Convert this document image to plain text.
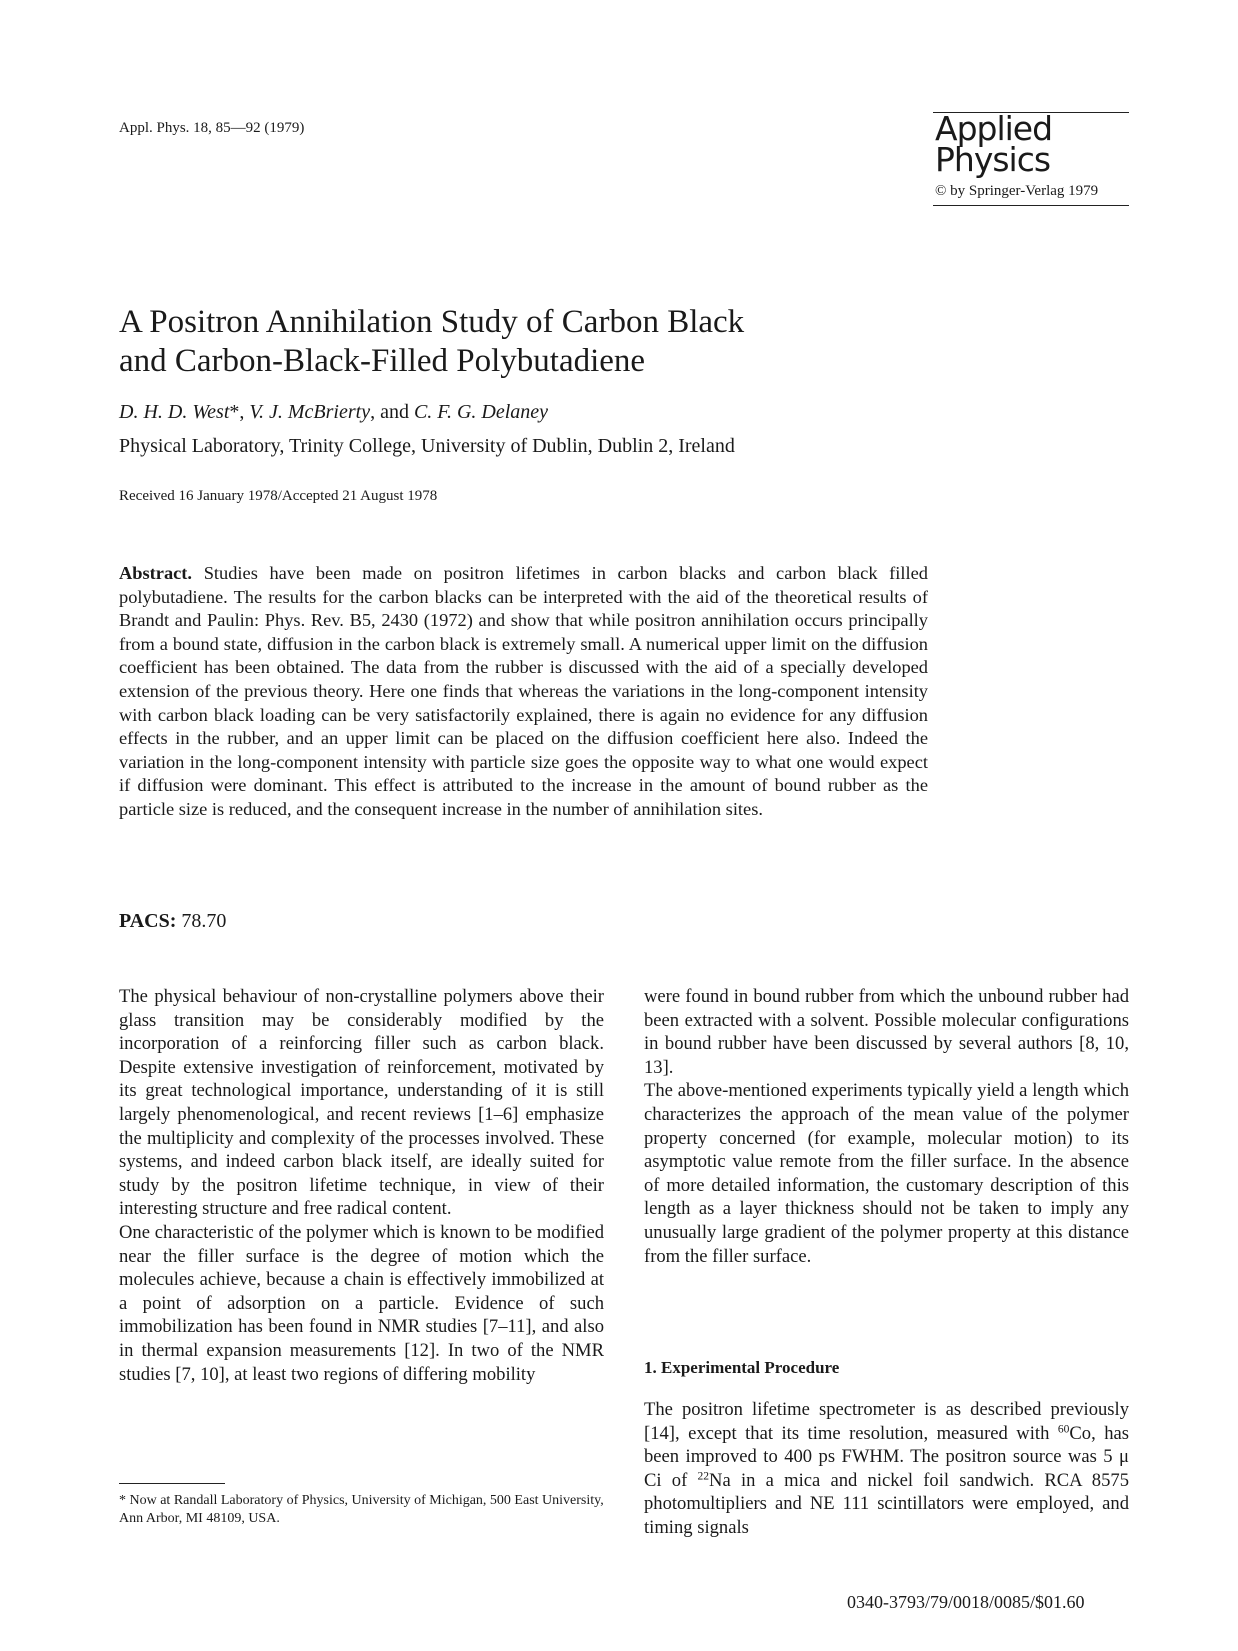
Appl. Phys. 18, 85—92 (1979)	Applied
Physics
© by Springer-Verlag 1979
A Positron Annihilation Study of Carbon Black
and Carbon-Black-Filled Polybutadiene
D. H. D. West*, V. J. McBrierty, and C. F. G. Delaney
Physical Laboratory, Trinity College, University of Dublin, Dublin 2, Ireland
Received 16 January 1978/Accepted 21 August 1978
Abstract. Studies have been made on positron lifetimes in carbon blacks and carbon black filled polybutadiene. The results for the carbon blacks can be interpreted with the aid of the theoretical results of Brandt and Paulin: Phys. Rev. B5, 2430 (1972) and show that while positron annihilation occurs principally from a bound state, diffusion in the carbon black is extremely small. A numerical upper limit on the diffusion coefficient has been obtained. The data from the rubber is discussed with the aid of a specially developed extension of the previous theory. Here one finds that whereas the variations in the long-component intensity with carbon black loading can be very satisfactorily explained, there is again no evidence for any diffusion effects in the rubber, and an upper limit can be placed on the diffusion coefficient here also. Indeed the variation in the long-component intensity with particle size goes the opposite way to what one would expect if diffusion were dominant. This effect is attributed to the increase in the amount of bound rubber as the particle size is reduced, and the consequent increase in the number of annihilation sites.
PACS: 78.70

The physical behaviour of non-crystalline polymers above their glass transition may be considerably modified by the incorporation of a reinforcing filler such as carbon black. Despite extensive investigation of reinforcement, motivated by its great technological importance, understanding of it is still largely phenomenological, and recent reviews [1–6] emphasize the multiplicity and complexity of the processes involved. These systems, and indeed carbon black itself, are ideally suited for study by the positron lifetime technique, in view of their interesting structure and free radical content.

One characteristic of the polymer which is known to be modified near the filler surface is the degree of motion which the molecules achieve, because a chain is effectively immobilized at a point of adsorption on a particle. Evidence of such immobilization has been found in NMR studies [7–11], and also in thermal expansion measurements [12]. In two of the NMR studies [7, 10], at least two regions of differing mobility

* Now at Randall Laboratory of Physics, University of Michigan, 500 East University, Ann Arbor, MI 48109, USA.

were found in bound rubber from which the unbound rubber had been extracted with a solvent. Possible molecular configurations in bound rubber have been discussed by several authors [8, 10, 13].

The above-mentioned experiments typically yield a length which characterizes the approach of the mean value of the polymer property concerned (for example, molecular motion) to its asymptotic value remote from the filler surface. In the absence of more detailed information, the customary description of this length as a layer thickness should not be taken to imply any unusually large gradient of the polymer property at this distance from the filler surface.

1. Experimental Procedure
The positron lifetime spectrometer is as described previously [14], except that its time resolution, measured with $^{60}$Co, has been improved to 400 ps FWHM. The positron source was 5 μ Ci of $^{22}$Na in a mica and nickel foil sandwich. RCA 8575 photomultipliers and NE 111 scintillators were employed, and timing signals
0340-3793/79/0018/0085/$01.60
